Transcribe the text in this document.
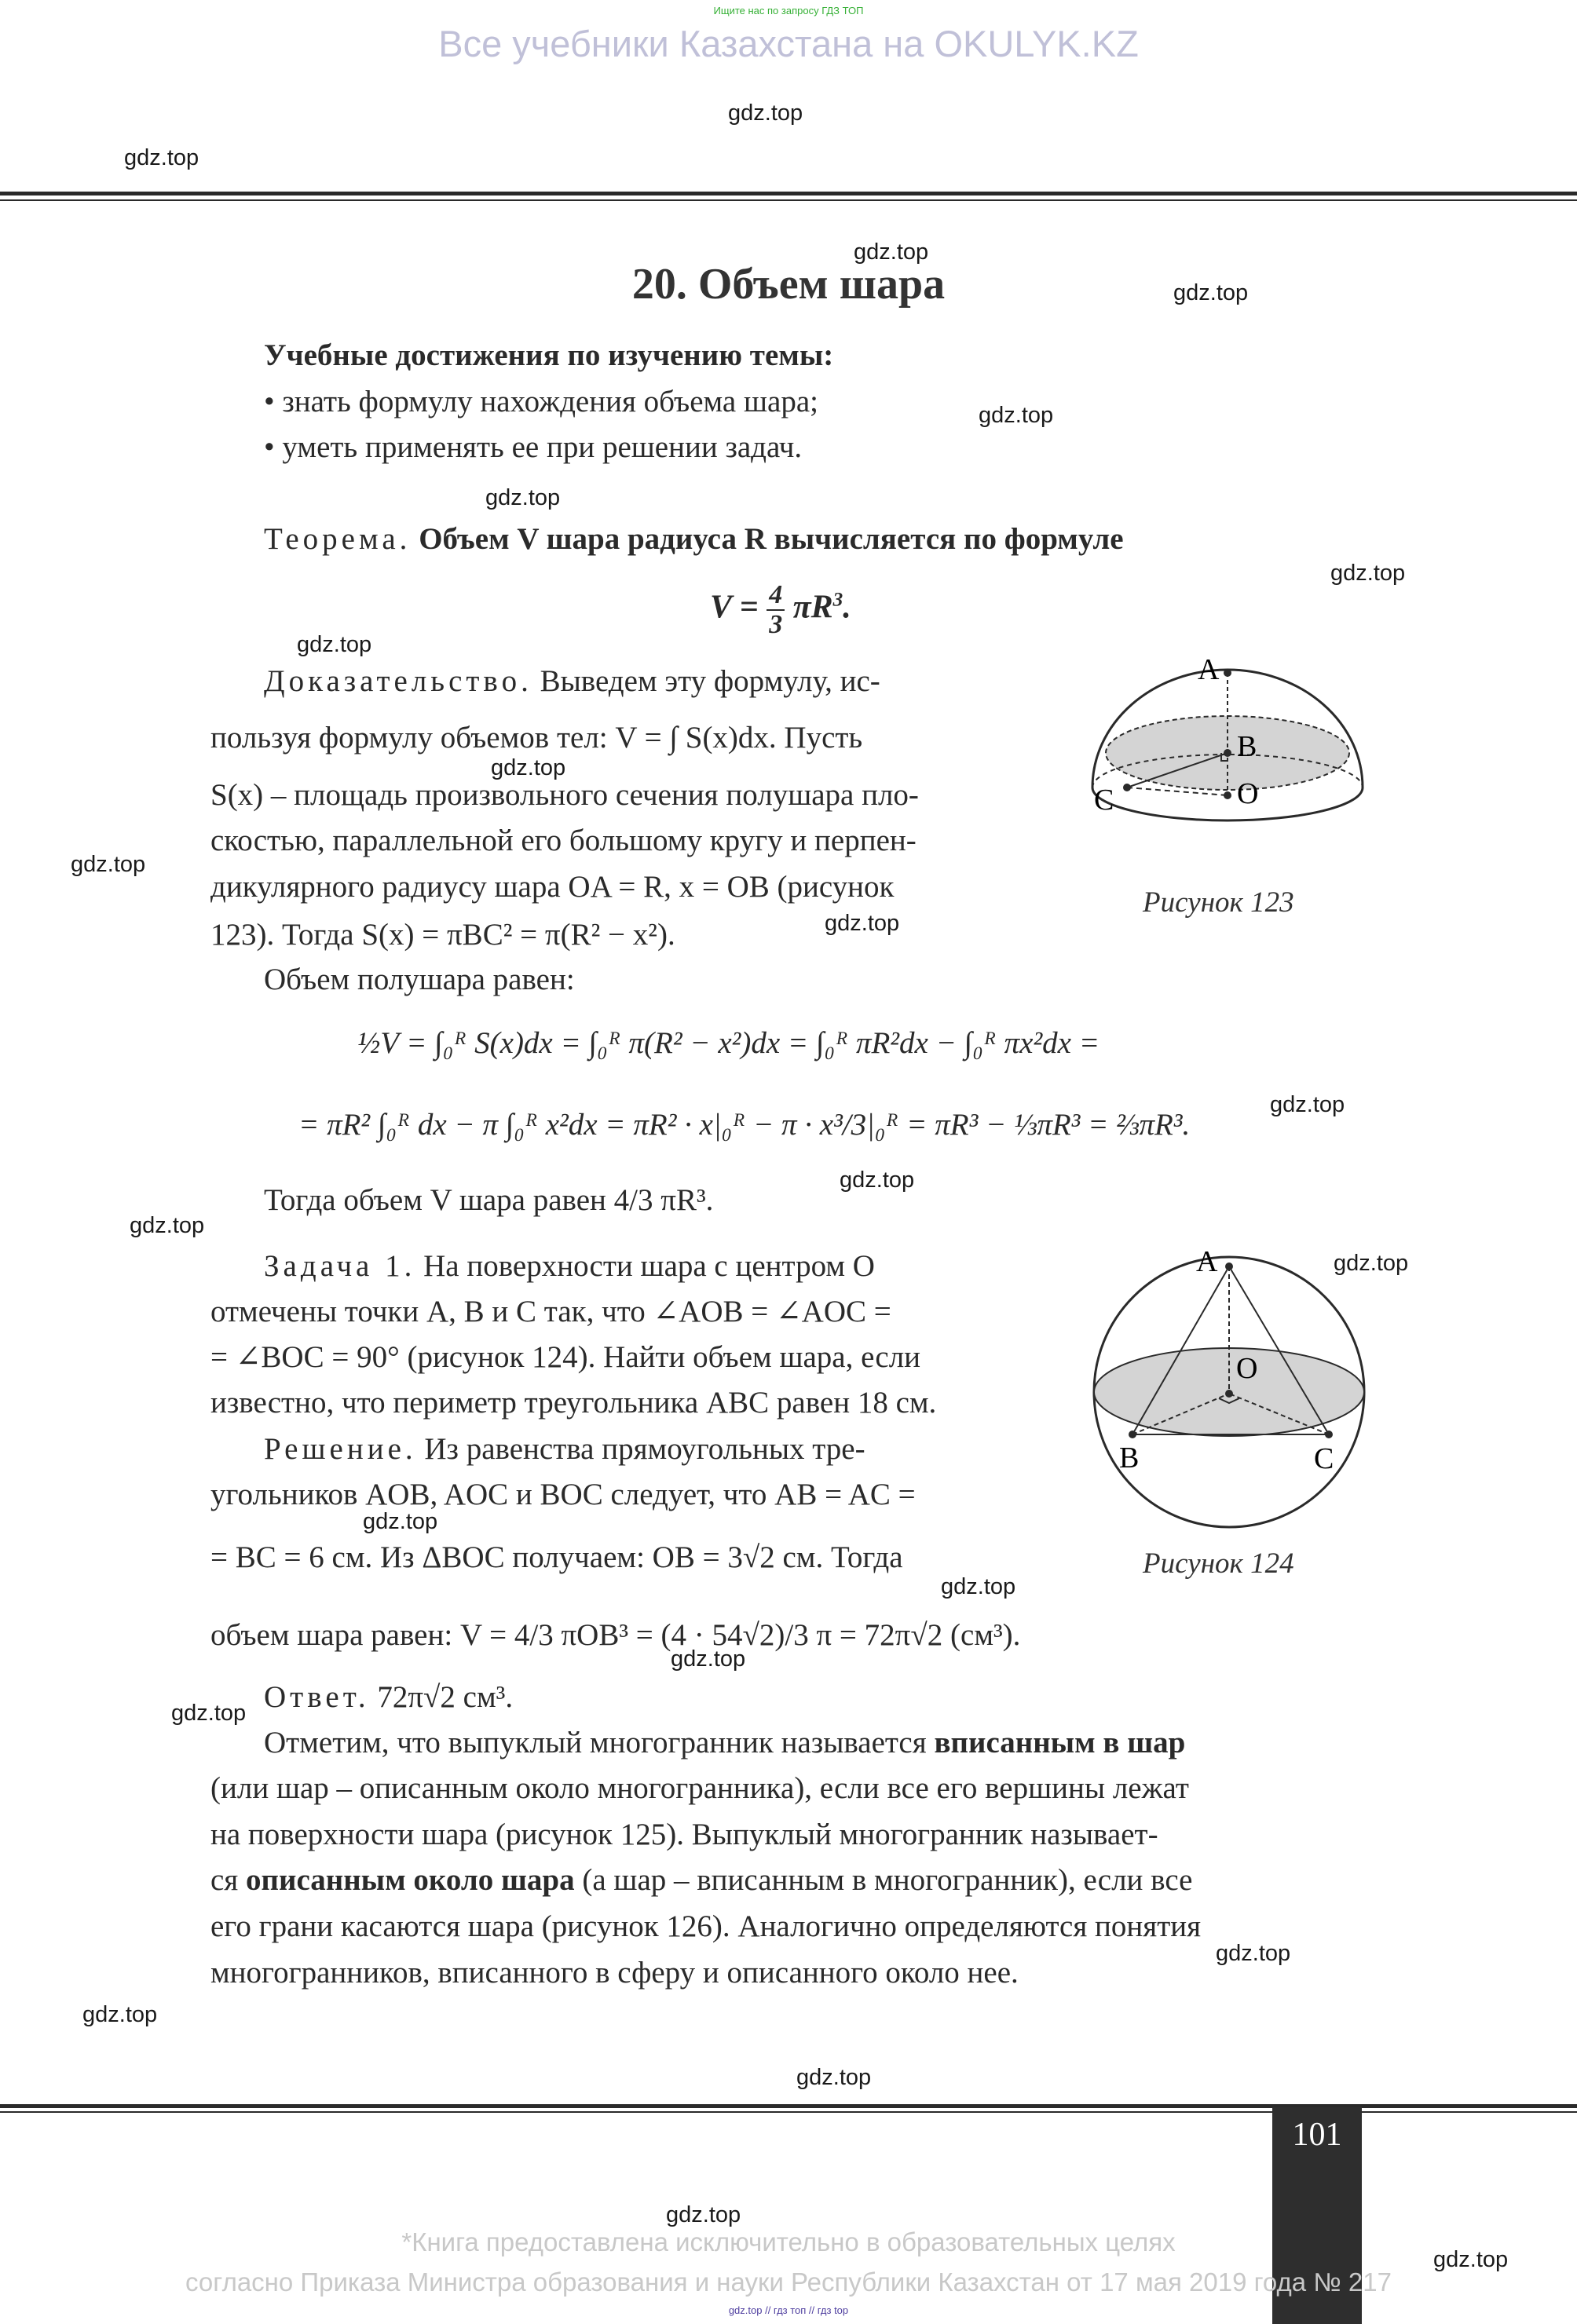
Ищите нас по запросу ГДЗ ТОП
Все учебники Казахстана на OKULYK.KZ
gdz.top
gdz.top
gdz.top
gdz.top
gdz.top
gdz.top
gdz.top
gdz.top
gdz.top
gdz.top
gdz.top
gdz.top
gdz.top
gdz.top
gdz.top
gdz.top
gdz.top
gdz.top
gdz.top
gdz.top
gdz.top
gdz.top
gdz.top
gdz.top
20. Объем шара
Учебные достижения по изучению темы:
• знать формулу нахождения объема шара;
• уметь применять ее при решении задач.
Теорема. Объем V шара радиуса R вычисляется по формуле
$V = \frac{4}{3} \pi R^3$.
Доказательство. Выведем эту формулу, ис-
пользуя формулу объемов тел: V = ∫ S(x)dx. Пусть
S(x) – площадь произвольного сечения полушара пло-
скостью, параллельной его большому кругу и перпен-
дикулярного радиусу шара OA = R, x = OB (рисунок
123). Тогда S(x) = πBC² = π(R² − x²).
Объем полушара равен:
½V = ∫₀ᴿ S(x)dx = ∫₀ᴿ π(R² − x²)dx = ∫₀ᴿ πR²dx − ∫₀ᴿ πx²dx =
= πR² ∫₀ᴿ dx − π ∫₀ᴿ x²dx = πR² · x|₀ᴿ − π · x³/3|₀ᴿ = πR³ − ⅓πR³ = ⅔πR³.
Тогда объем V шара равен 4/3 πR³.
A
B
C	O
Рисунок 123
Задача 1. На поверхности шара с центром O
отмечены точки A, B и C так, что ∠AOB = ∠AOC =
= ∠BOC = 90° (рисунок 124). Найти объем шара, если
известно, что периметр треугольника ABC равен 18 см.
Решение. Из равенства прямоугольных тре-
угольников AOB, AOC и BOC следует, что AB = AC =
= BC = 6 см. Из ΔBOC получаем: OB = 3√2 см. Тогда
объем шара равен: V = 4/3 πOB³ = (4 · 54√2)/3 π = 72π√2 (см³).
Ответ. 72π√2 см³.
A
B	C
O
Рисунок 124
Отметим, что выпуклый многогранник называется вписанным в шар
(или шар – описанным около многогранника), если все его вершины лежат
на поверхности шара (рисунок 125). Выпуклый многогранник называет-
ся описанным около шара (а шар – вписанным в многогранник), если все
его грани касаются шара (рисунок 126). Аналогично определяются понятия
многогранников, вписанного в сферу и описанного около нее.
101
*Книга предоставлена исключительно в образовательных целях
согласно Приказа Министра образования и науки Республики Казахстан от 17 мая 2019 года № 217
gdz.top // гдз топ // гдз top
